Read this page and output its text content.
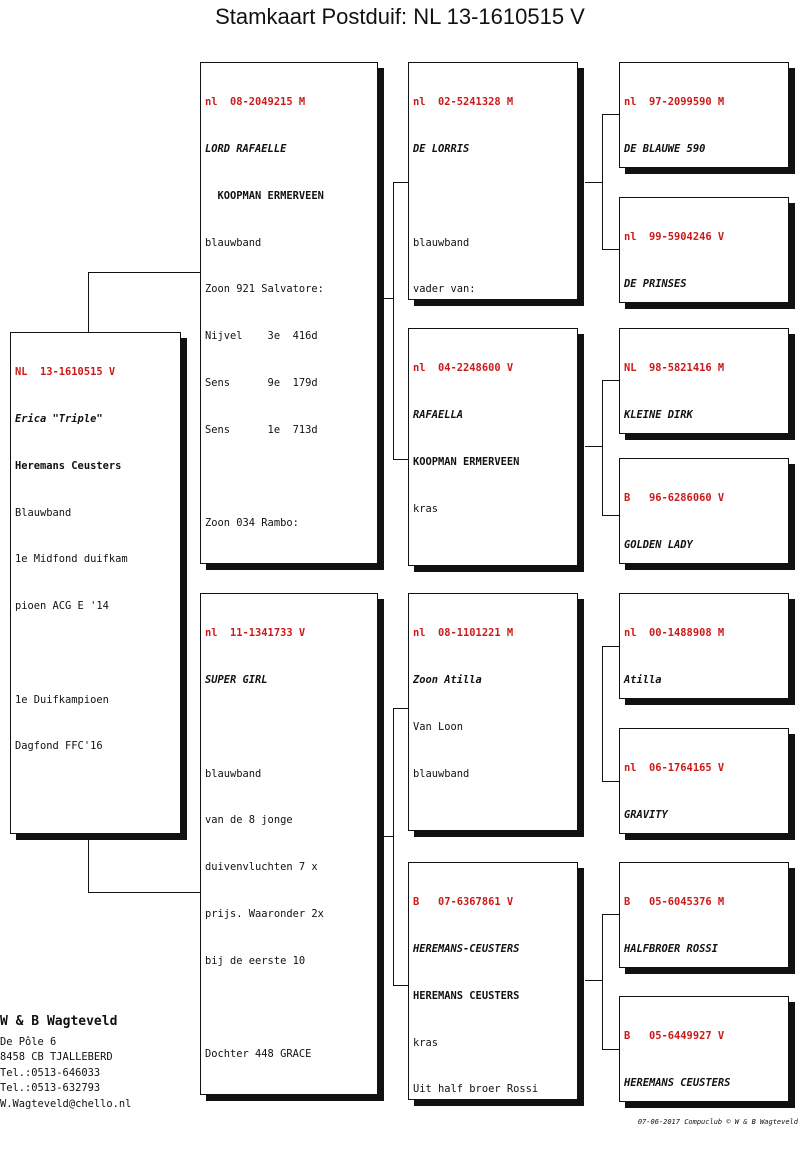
Stamkaart Postduif: NL 13-1610515 V

NL  13-1610515 V

Erica "Triple"

Heremans Ceusters

Blauwband

1e Midfond duifkam

pioen ACG E '14

1e Duifkampioen

Dagfond FFC'16

nl  08-2049215 M

LORD RAFAELLE

KOOPMAN ERMERVEEN

blauwband

Zoon 921 Salvatore:

Nijvel    3e  416d

Sens      9e  179d

Sens      1e  713d

Zoon 034 Rambo:

nl  11-1341733 V

SUPER GIRL

blauwband

van de 8 jonge

duivenvluchten 7 x

prijs. Waaronder 2x

bij de eerste 10

Dochter 448 GRACE

nl  02-5241328 M

DE LORRIS

blauwband

vader van:

nl  04-2248600 V

RAFAELLA

KOOPMAN ERMERVEEN

kras

nl  08-1101221 M

Zoon Atilla

Van Loon

blauwband

B   07-6367861 V

HEREMANS-CEUSTERS

HEREMANS CEUSTERS

kras

Uit half broer Rossi

nl  97-2099590 M

DE BLAUWE 590

nl  99-5904246 V

DE PRINSES

NL  98-5821416 M

KLEINE DIRK

B   96-6286060 V

GOLDEN LADY

nl  00-1488908 M

Atilla

nl  06-1764165 V

GRAVITY

B   05-6045376 M

HALFBROER ROSSI

B   05-6449927 V

HEREMANS CEUSTERS

W & B Wagteveld
De Pôle 6
8458 CB TJALLEBERD
Tel.:0513-646033
Tel.:0513-632793
W.Wagteveld@chello.nl
07-06-2017 Compuclub © W & B Wagteveld
